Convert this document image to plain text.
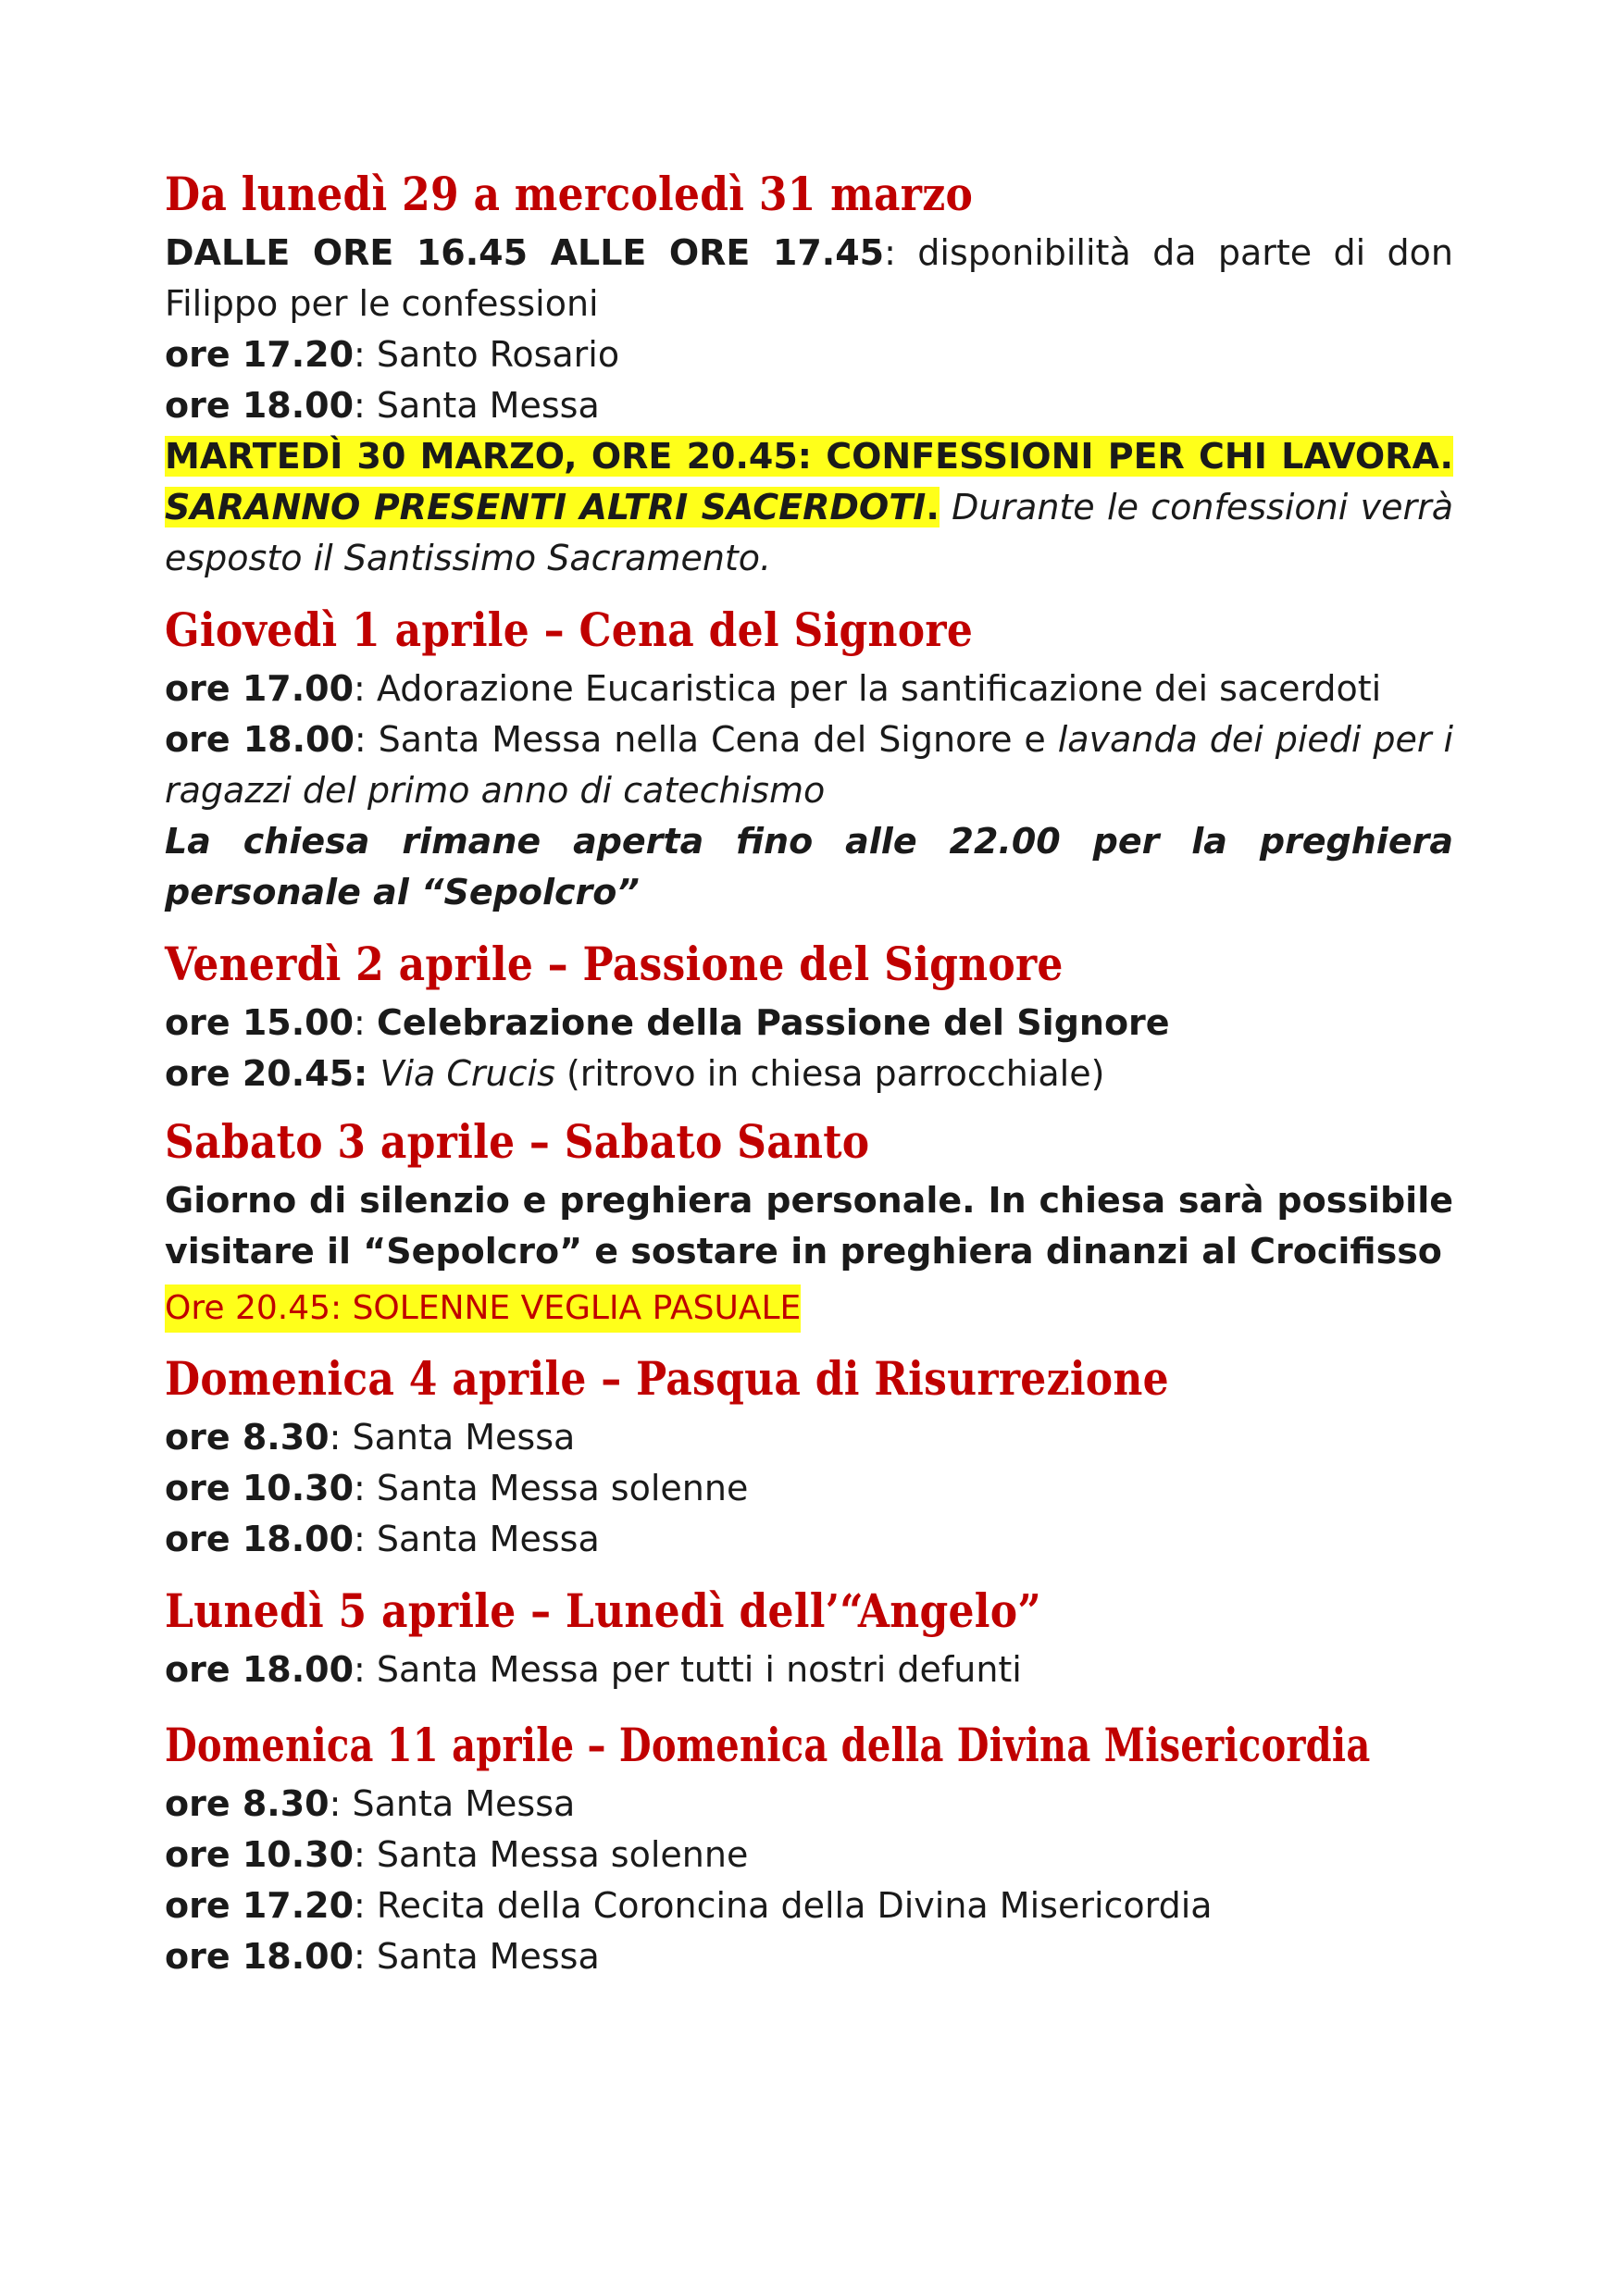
Da lunedì 29 a mercoledì 31 marzo
DALLE ORE 16.45 ALLE ORE 17.45: disponibilità da parte di don Filippo per le confessioni
ore 17.20: Santo Rosario
ore 18.00: Santa Messa
MARTEDÌ 30 MARZO, ORE 20.45: CONFESSIONI PER CHI LAVORA. SARANNO PRESENTI ALTRI SACERDOTI. Durante le confessioni verrà esposto il Santissimo Sacramento.
Giovedì 1 aprile – Cena del Signore
ore 17.00: Adorazione Eucaristica per la santificazione dei sacerdoti
ore 18.00: Santa Messa nella Cena del Signore e lavanda dei piedi per i ragazzi del primo anno di catechismo
La chiesa rimane aperta fino alle 22.00 per la preghiera personale al “Sepolcro”
Venerdì 2 aprile – Passione del Signore
ore 15.00: Celebrazione della Passione del Signore
ore 20.45: Via Crucis (ritrovo in chiesa parrocchiale)
Sabato 3 aprile – Sabato Santo
Giorno di silenzio e preghiera personale. In chiesa sarà possibile visitare il “Sepolcro” e sostare in preghiera dinanzi al Crocifisso
Ore 20.45: SOLENNE VEGLIA PASUALE
Domenica 4 aprile – Pasqua di Risurrezione
ore 8.30: Santa Messa
ore 10.30: Santa Messa solenne
ore 18.00: Santa Messa
Lunedì 5 aprile – Lunedì dell’“Angelo”
ore 18.00: Santa Messa per tutti i nostri defunti
Domenica 11 aprile – Domenica della Divina Misericordia
ore 8.30: Santa Messa
ore 10.30: Santa Messa solenne
ore 17.20: Recita della Coroncina della Divina Misericordia
ore 18.00: Santa Messa
